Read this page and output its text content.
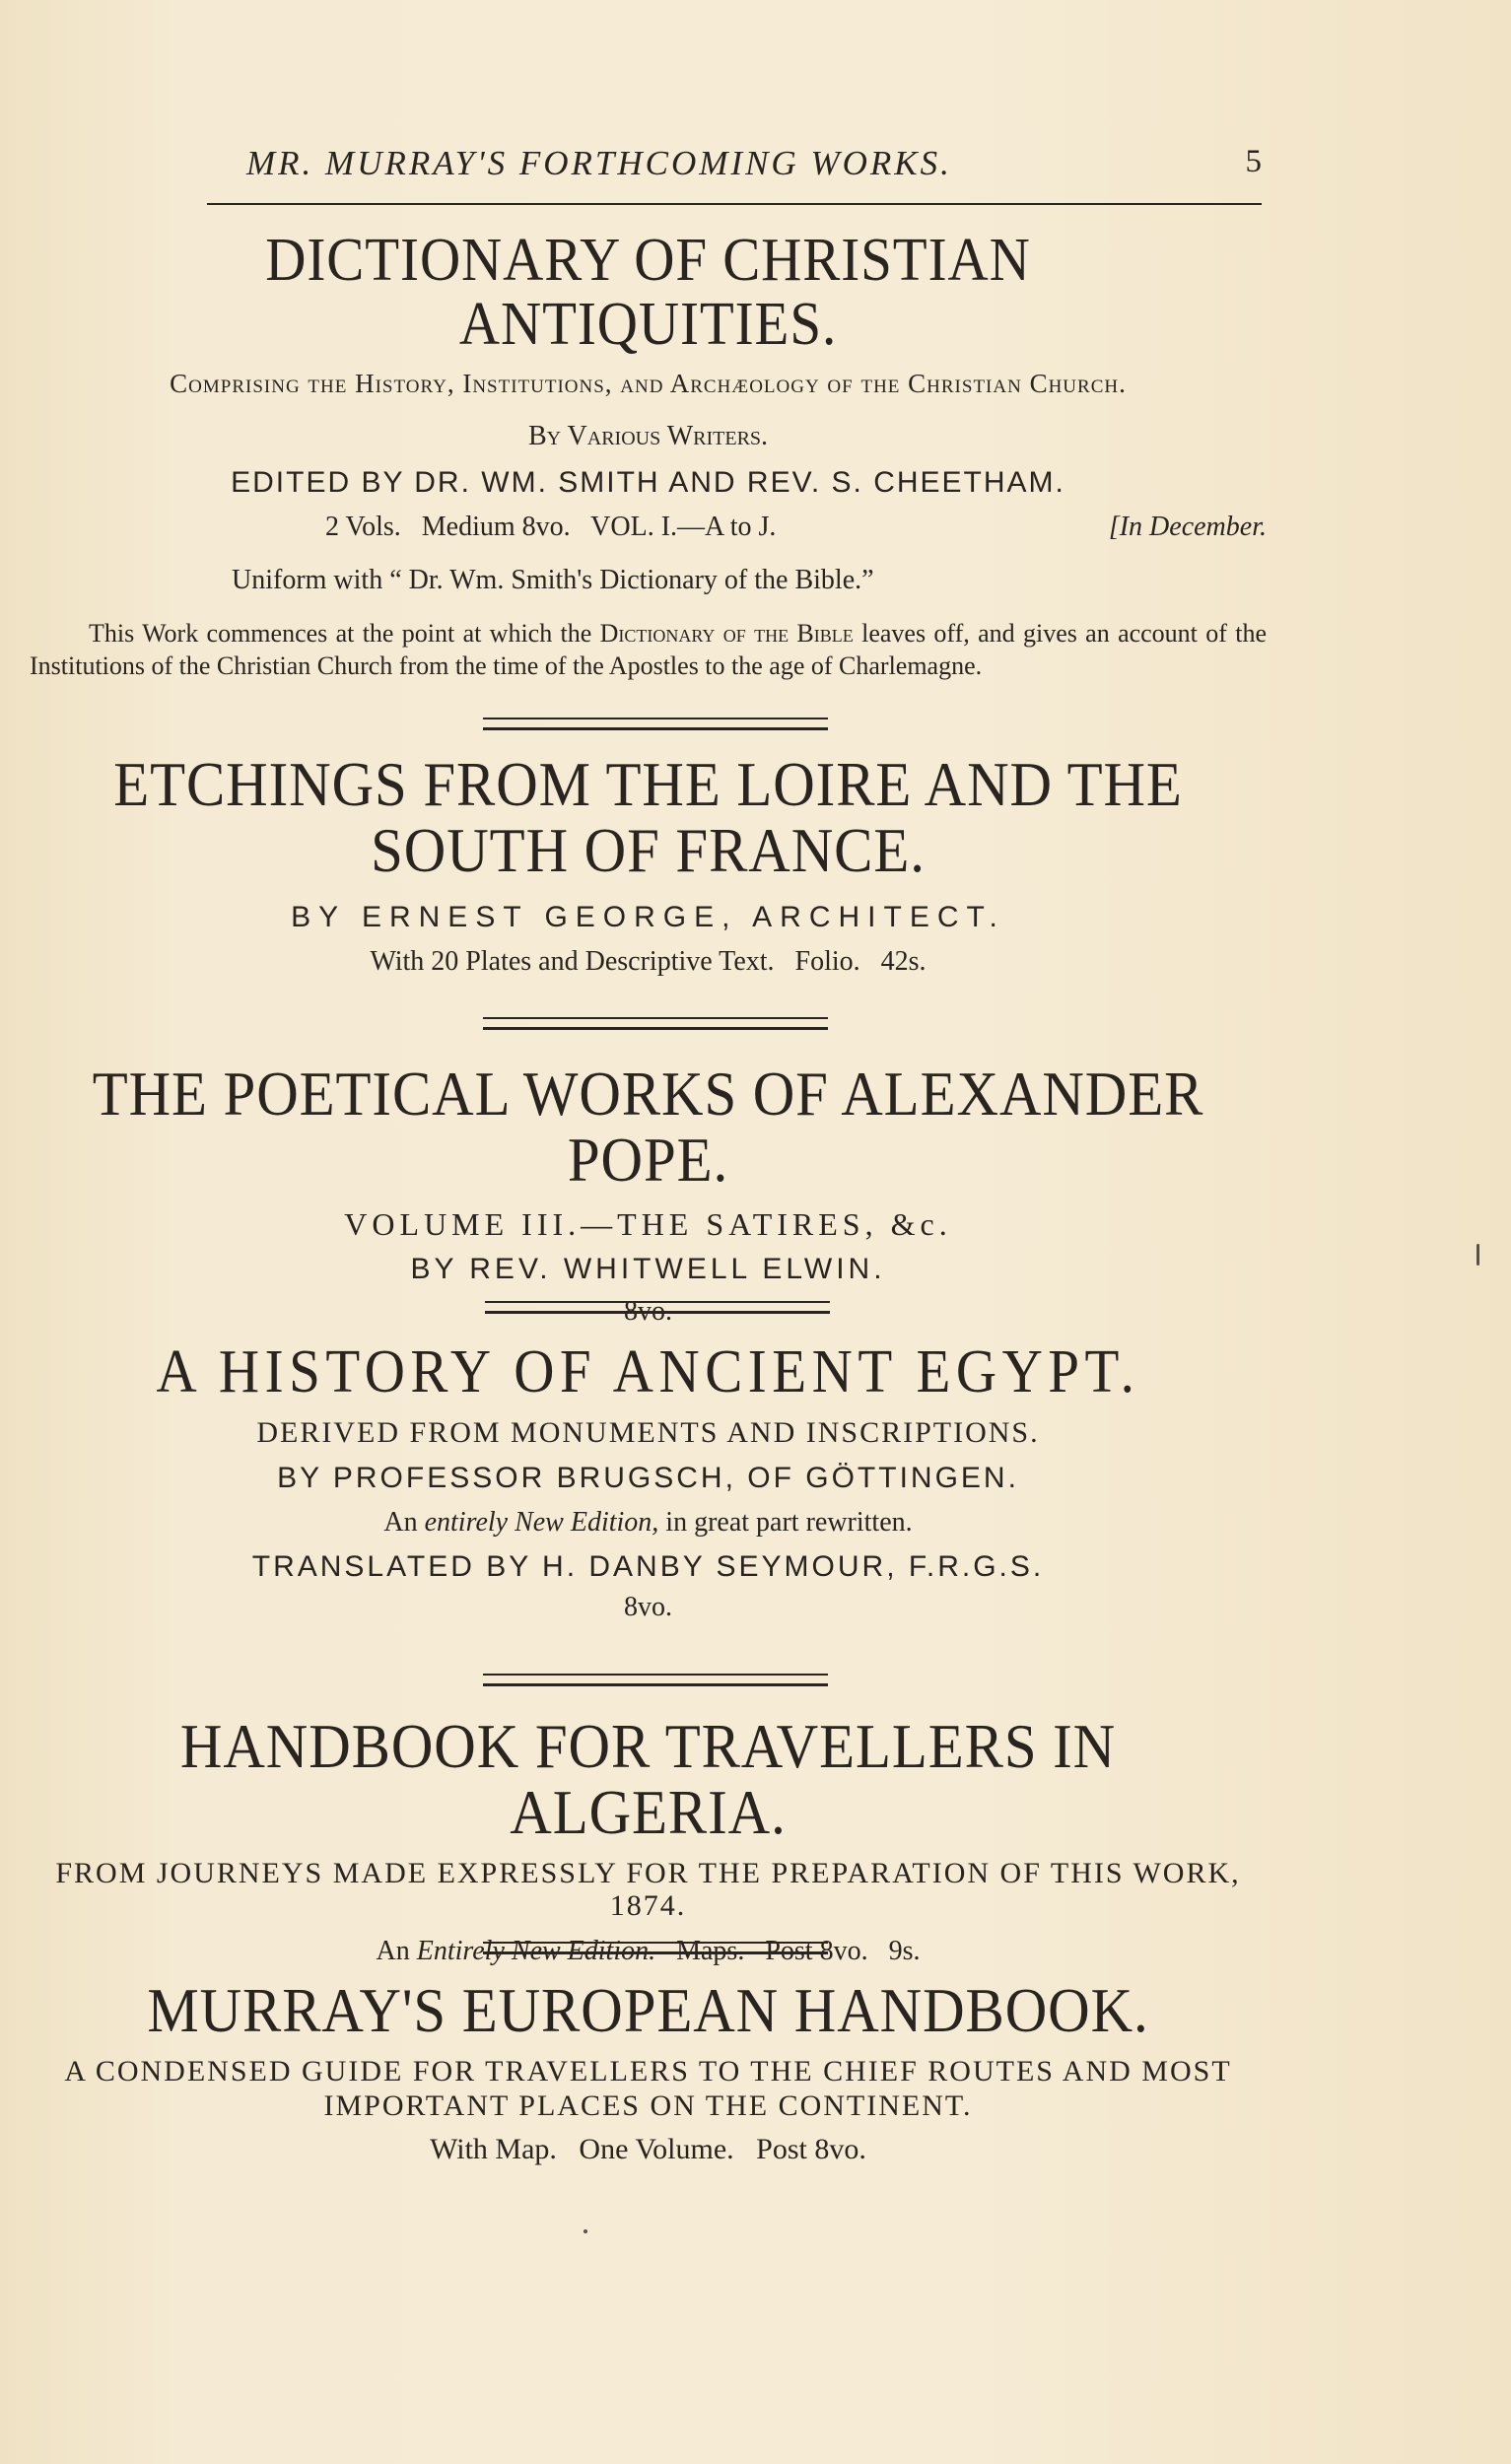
MR. MURRAY'S FORTHCOMING WORKS.	5
DICTIONARY OF CHRISTIAN ANTIQUITIES.
Comprising the History, Institutions, and Archæology of the Christian Church.
By Various Writers.
EDITED BY DR. WM. SMITH AND REV. S. CHEETHAM.
2 Vols.   Medium 8vo.   VOL. I.—A to J.	[In December.
Uniform with “ Dr. Wm. Smith's Dictionary of the Bible.”
This Work commences at the point at which the Dictionary of the Bible leaves off, and gives an account of the Institutions of the Christian Church from the time of the Apostles to the age of Charlemagne.
ETCHINGS FROM THE LOIRE AND THE SOUTH OF FRANCE.
BY ERNEST GEORGE, ARCHITECT.
With 20 Plates and Descriptive Text.   Folio.   42s.
THE POETICAL WORKS OF ALEXANDER POPE.
VOLUME III.—THE SATIRES, &c.
BY REV. WHITWELL ELWIN.
8vo.
A HISTORY OF ANCIENT EGYPT.
DERIVED FROM MONUMENTS AND INSCRIPTIONS.
BY PROFESSOR BRUGSCH, OF GÖTTINGEN.
An entirely New Edition, in great part rewritten.
TRANSLATED BY H. DANBY SEYMOUR, F.R.G.S.
8vo.
HANDBOOK FOR TRAVELLERS IN ALGERIA.
FROM JOURNEYS MADE EXPRESSLY FOR THE PREPARATION OF THIS WORK, 1874.
An Entirely New Edition.   Maps.   Post 8vo.   9s.
MURRAY'S EUROPEAN HANDBOOK.
A CONDENSED GUIDE FOR TRAVELLERS TO THE CHIEF ROUTES AND MOST IMPORTANT PLACES ON THE CONTINENT.
With Map.   One Volume.   Post 8vo.
